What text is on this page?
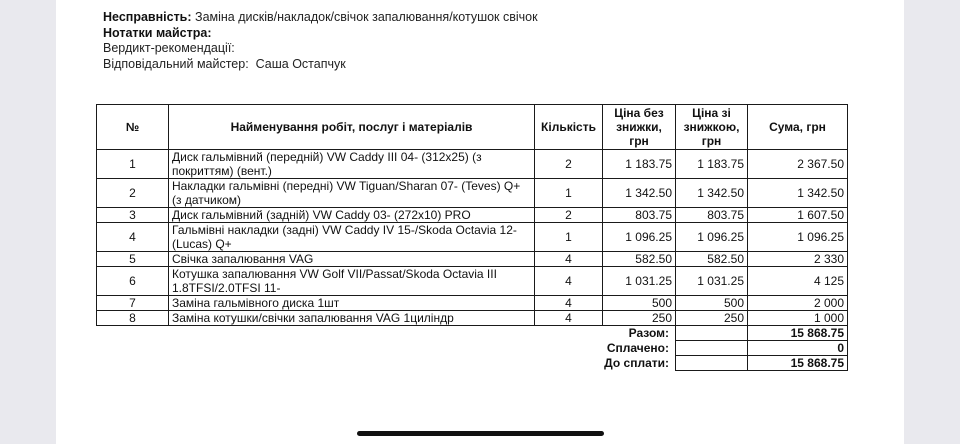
Несправність: Заміна дисків/накладок/свічок запалювання/котушок свічок
Нотатки майстра:
Вердикт-рекомендації:
Відповідальний майстер: Саша Остапчук
№	Найменування робіт, послуг і матеріалів	Кількість	Ціна без знижки, грн	Ціна зі знижкою, грн	Сума, грн
1	Диск гальмівний (передній) VW Caddy III 04- (312x25) (з покриттям) (вент.)	2	1 183.75	1 183.75	2 367.50
2	Накладки гальмівні (передні) VW Tiguan/Sharan 07- (Teves) Q+ (з датчиком)	1	1 342.50	1 342.50	1 342.50
3	Диск гальмівний (задній) VW Caddy 03- (272x10) PRO	2	803.75	803.75	1 607.50
4	Гальмівні накладки (задні) VW Caddy IV 15-/Skoda Octavia 12- (Lucas) Q+	1	1 096.25	1 096.25	1 096.25
5	Свічка запалювання VAG	4	582.50	582.50	2 330
6	Котушка запалювання VW Golf VII/Passat/Skoda Octavia III 1.8TFSI/2.0TFSI 11-	4	1 031.25	1 031.25	4 125
7	Заміна гальмівного диска 1шт	4	500	500	2 000
8	Заміна котушки/свічки запалювання VAG 1циліндр	4	250	250	1 000
Разом:					15 868.75
Сплачено:					0
До сплати:					15 868.75
